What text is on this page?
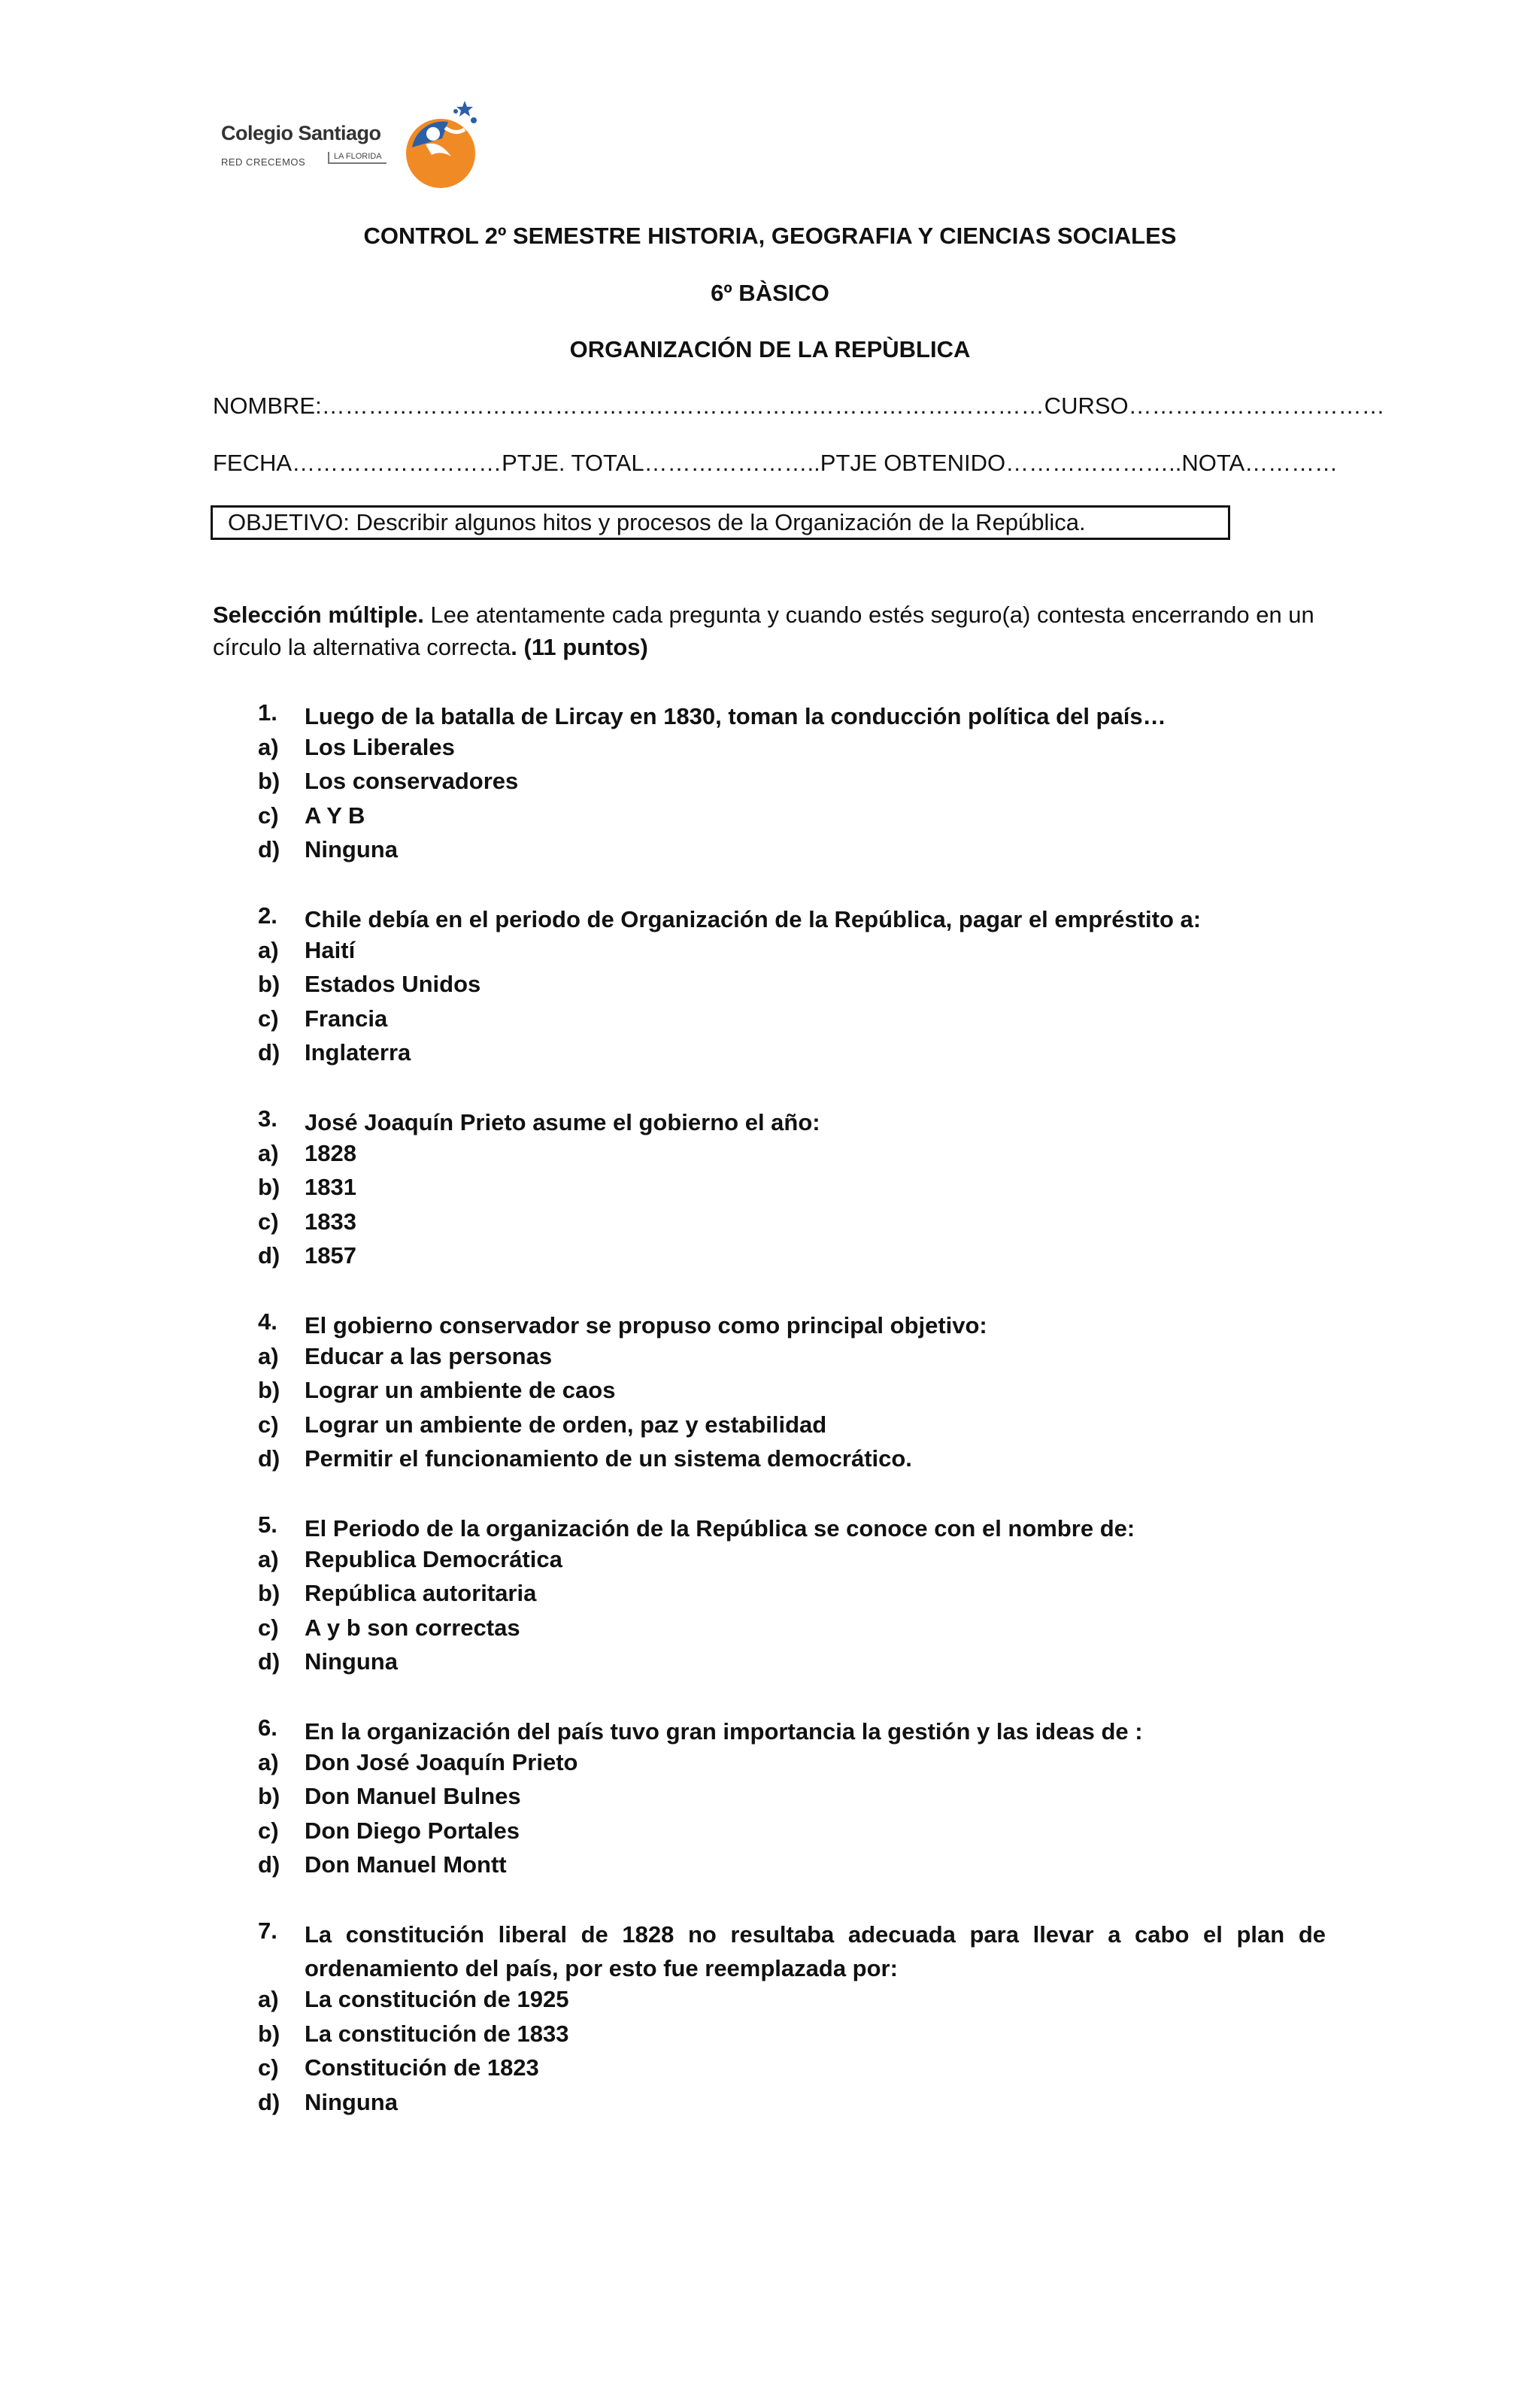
Colegio Santiago
RED CRECEMOS	LA FLORIDA
CONTROL 2º SEMESTRE HISTORIA, GEOGRAFIA Y CIENCIAS SOCIALES
6º BÀSICO
ORGANIZACIÓN DE LA REPÙBLICA
NOMBRE:…………………………………………………………………………………CURSO……………………………
FECHA………………………PTJE. TOTAL…………………..PTJE OBTENIDO…………………..NOTA…………
OBJETIVO: Describir algunos hitos y procesos de la Organización de la República.
Selección múltiple. Lee atentamente cada pregunta y cuando estés seguro(a) contesta encerrando en un círculo la alternativa correcta. (11 puntos)
1. Luego de la batalla de Lircay en 1830, toman la conducción política del país…
a) Los Liberales
b) Los conservadores
c) A Y B
d) Ninguna
2. Chile debía en el periodo de Organización de la República, pagar el empréstito a:
a) Haití
b) Estados Unidos
c) Francia
d) Inglaterra
3. José Joaquín Prieto asume el gobierno el año:
a) 1828
b) 1831
c) 1833
d) 1857
4. El gobierno conservador se propuso como principal objetivo:
a) Educar a las personas
b) Lograr un ambiente de caos
c) Lograr un ambiente de orden, paz y estabilidad
d) Permitir el funcionamiento de un sistema democrático.
5. El Periodo de la organización de la República se conoce con el nombre de:
a) Republica Democrática
b) República autoritaria
c) A y b son correctas
d) Ninguna
6. En la organización del país tuvo gran importancia la gestión y las ideas de :
a) Don José Joaquín Prieto
b) Don Manuel Bulnes
c) Don Diego Portales
d) Don Manuel Montt
7. La constitución liberal de 1828 no resultaba adecuada para llevar a cabo el plan de ordenamiento del país, por esto fue reemplazada por:
a) La constitución de 1925
b) La constitución de 1833
c) Constitución de 1823
d) Ninguna
